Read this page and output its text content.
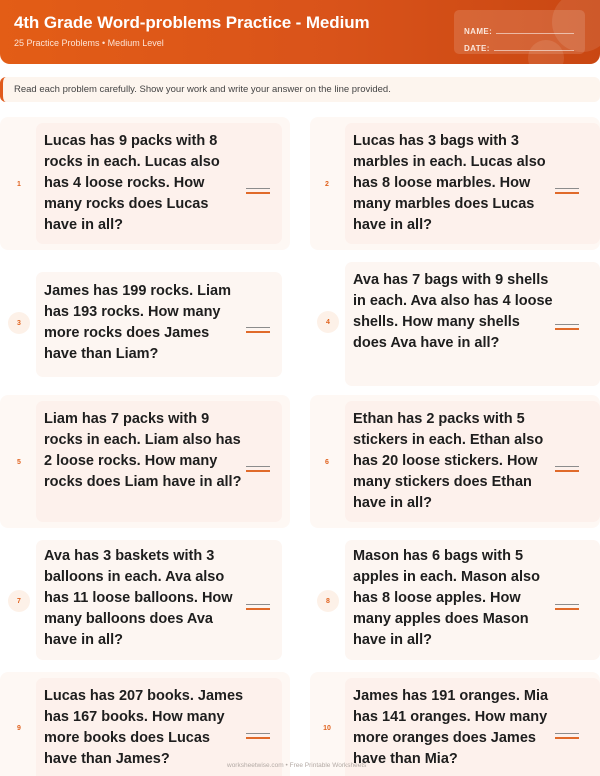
4th Grade Word-problems Practice - Medium
25 Practice Problems • Medium Level
NAME:
DATE:
Read each problem carefully. Show your work and write your answer on the line provided.
1
Lucas has 9 packs with 8 rocks in each. Lucas also has 4 loose rocks. How many rocks does Lucas have in all?
2
Lucas has 3 bags with 3 marbles in each. Lucas also has 8 loose marbles. How many marbles does Lucas have in all?
3
James has 199 rocks. Liam has 193 rocks. How many more rocks does James have than Liam?
4
Ava has 7 bags with 9 shells in each. Ava also has 4 loose shells. How many shells does Ava have in all?
5
Liam has 7 packs with 9 rocks in each. Liam also has 2 loose rocks. How many rocks does Liam have in all?
6
Ethan has 2 packs with 5 stickers in each. Ethan also has 20 loose stickers. How many stickers does Ethan have in all?
7
Ava has 3 baskets with 3 balloons in each. Ava also has 11 loose balloons. How many balloons does Ava have in all?
8
Mason has 6 bags with 5 apples in each. Mason also has 8 loose apples. How many apples does Mason have in all?
9
Lucas has 207 books. James has 167 books. How many more books does Lucas have than James?
10
James has 191 oranges. Mia has 141 oranges. How many more oranges does James have than Mia?
worksheetwise.com • Free Printable Worksheets
